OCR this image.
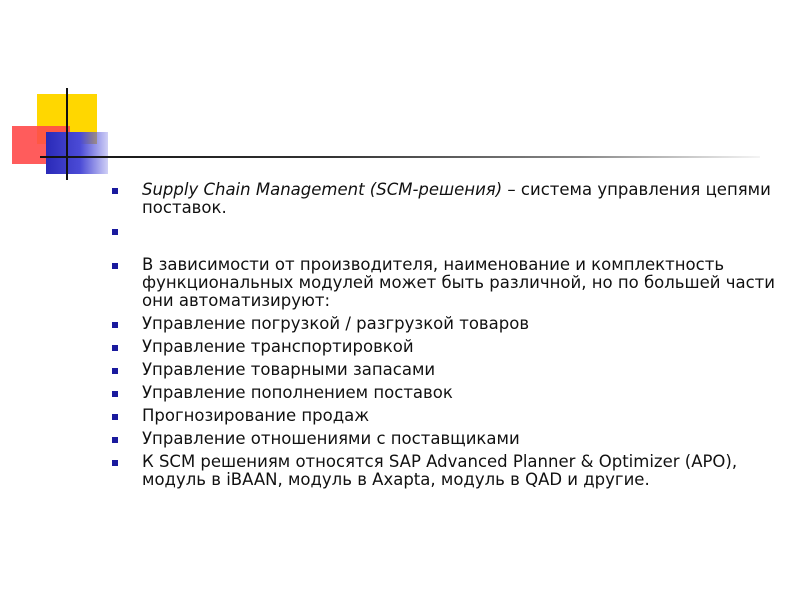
Supply Chain Management (SCM-решения) – система управления цепями поставок.
В зависимости от производителя, наименование и комплектность функциональных модулей может быть различной, но по большей части они автоматизируют:
Управление погрузкой / разгрузкой товаров
Управление транспортировкой
Управление товарными запасами
Управление пополнением поставок
Прогнозирование продаж
Управление отношениями с поставщиками
К SCM решениям относятся SAP Advanced Planner & Optimizer (APO), модуль в iBAAN, модуль в Axapta, модуль в QAD и другие.
